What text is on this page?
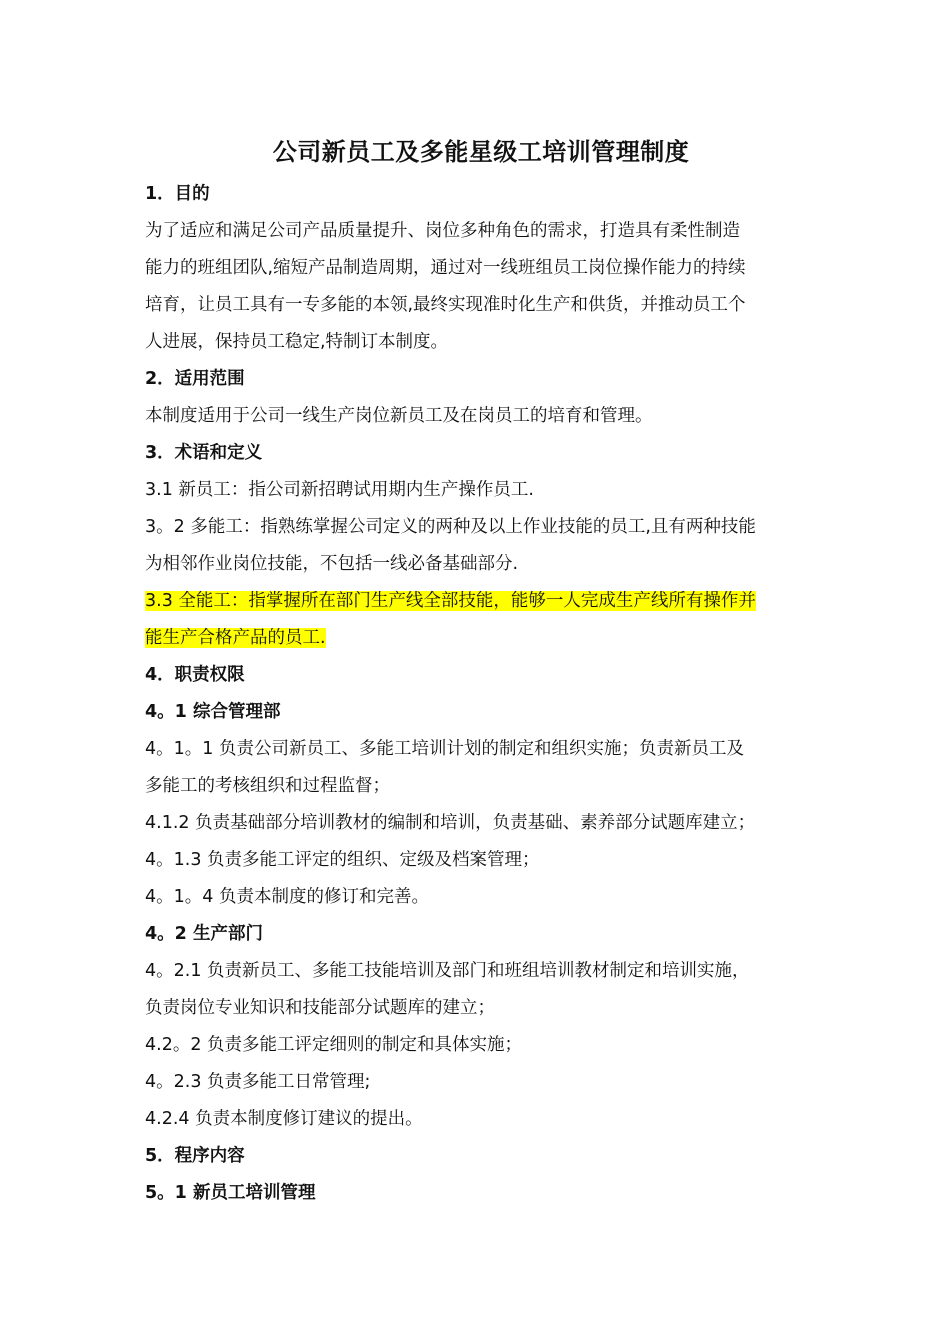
公司新员工及多能星级工培训管理制度

1．目的

为了适应和满足公司产品质量提升、岗位多种角色的需求，打造具有柔性制造

能力的班组团队,缩短产品制造周期，通过对一线班组员工岗位操作能力的持续

培育，让员工具有一专多能的本领,最终实现准时化生产和供货，并推动员工个

人进展，保持员工稳定,特制订本制度。

2．适用范围

本制度适用于公司一线生产岗位新员工及在岗员工的培育和管理。

3．术语和定义

3.1 新员工：指公司新招聘试用期内生产操作员工.

3。2 多能工：指熟练掌握公司定义的两种及以上作业技能的员工,且有两种技能

为相邻作业岗位技能，不包括一线必备基础部分.

3.3 全能工：指掌握所在部门生产线全部技能，能够一人完成生产线所有操作并

能生产合格产品的员工.

4．职责权限

4。1 综合管理部

4。1。1 负责公司新员工、多能工培训计划的制定和组织实施；负责新员工及

多能工的考核组织和过程监督；

4.1.2 负责基础部分培训教材的编制和培训，负责基础、素养部分试题库建立；

4。1.3 负责多能工评定的组织、定级及档案管理；

4。1。4 负责本制度的修订和完善。

4。2 生产部门

4。2.1 负责新员工、多能工技能培训及部门和班组培训教材制定和培训实施，

负责岗位专业知识和技能部分试题库的建立；

4.2。2 负责多能工评定细则的制定和具体实施；

4。2.3 负责多能工日常管理;

4.2.4 负责本制度修订建议的提出。

5．程序内容

5。1 新员工培训管理
